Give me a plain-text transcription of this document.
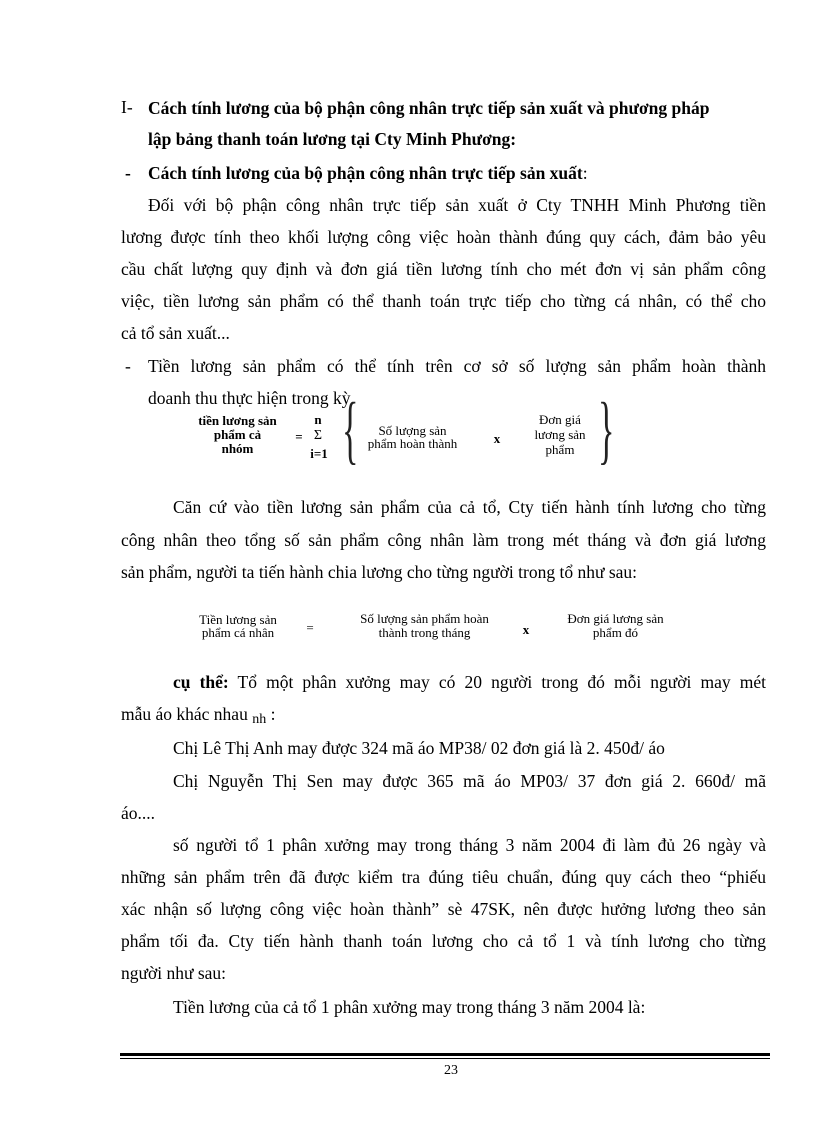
I- Cách tính lương của bộ phận công nhân trực tiếp sản xuất và phương pháp
lập bảng thanh toán lương tại Cty Minh Phương:
- Cách tính lương của bộ phận công nhân trực tiếp sản xuất:
Đối với bộ phận công nhân trực tiếp sản xuất ở Cty TNHH Minh Phương tiền
lương được tính theo khối lượng công việc hoàn thành đúng quy cách, đảm bảo yêu
cầu chất lượng quy định và đơn giá tiền lương tính cho mét đơn vị sản phẩm công
việc, tiền lương sản phẩm có thể thanh toán trực tiếp cho từng cá nhân, có thể cho
cả tổ sản xuất...
- Tiền lương sản phẩm có thể tính trên cơ sở số lượng sản phẩm hoàn thành
doanh thu thực hiện trong kỳ.
tiền lương sản
phẩm cả
nhóm
=
n
Σ
i=1 {	Số lượng sản
phẩm hoàn thành	x
Đơn giá
lương sản
phẩm }
Căn cứ vào tiền lương sản phẩm của cả tổ, Cty tiến hành tính lương cho từng
công nhân theo tổng số sản phẩm công nhân làm trong mét tháng và đơn giá lương
sản phẩm, người ta tiến hành chia lương cho từng người trong tổ như sau:
Tiền lương sản
phẩm cá nhân	=
Số lượng sản phẩm hoàn
thành trong tháng	x
Đơn giá lương sản
phẩm đó
cụ thể: Tổ một phân xưởng may có 20 người trong đó mỗi người may mét
mẫu áo khác nhau nh :
Chị Lê Thị Anh may được 324 mã áo MP38/ 02 đơn giá là 2. 450đ/ áo
Chị Nguyễn Thị Sen may được 365 mã áo MP03/ 37 đơn giá 2. 660đ/ mã
áo....
số người tổ 1 phân xưởng may trong tháng 3 năm 2004 đi làm đủ 26 ngày và
những sản phẩm trên đã được kiểm tra đúng tiêu chuẩn, đúng quy cách theo “phiếu
xác nhận số lượng công việc hoàn thành” sè 47SK, nên được hưởng lương theo sản
phẩm tối đa. Cty tiến hành thanh toán lương cho cả tổ 1 và tính lương cho từng
người như sau:
Tiền lương của cả tổ 1 phân xưởng may trong tháng 3 năm 2004 là:
23
